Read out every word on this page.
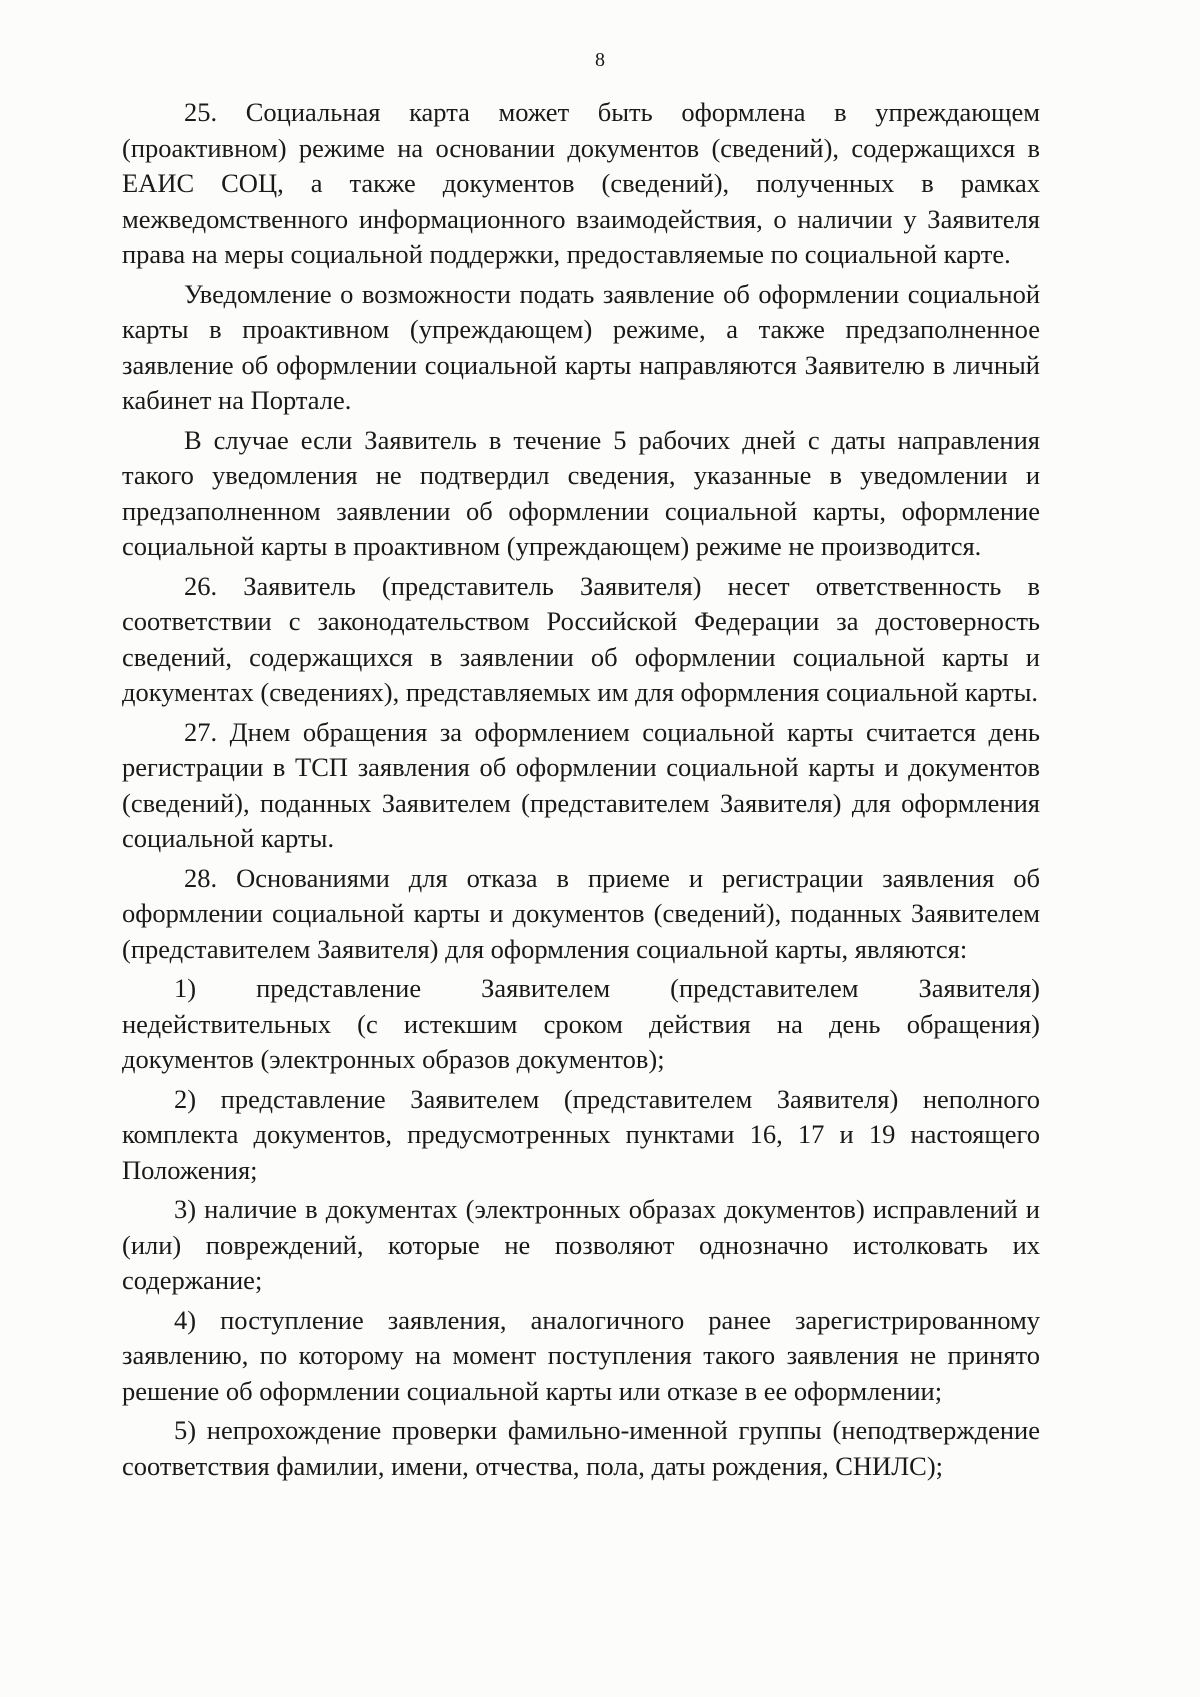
8

25. Социальная карта может быть оформлена в упреждающем (проактивном) режиме на основании документов (сведений), содержащихся в ЕАИС СОЦ, а также документов (сведений), полученных в рамках межведомственного информационного взаимодействия, о наличии у Заявителя права на меры социальной поддержки, предоставляемые по социальной карте.

Уведомление о возможности подать заявление об оформлении социальной карты в проактивном (упреждающем) режиме, а также предзаполненное заявление об оформлении социальной карты направляются Заявителю в личный кабинет на Портале.

В случае если Заявитель в течение 5 рабочих дней с даты направления такого уведомления не подтвердил сведения, указанные в уведомлении и предзаполненном заявлении об оформлении социальной карты, оформление социальной карты в проактивном (упреждающем) режиме не производится.

26. Заявитель (представитель Заявителя) несет ответственность в соответствии с законодательством Российской Федерации за достоверность сведений, содержащихся в заявлении об оформлении социальной карты и документах (сведениях), представляемых им для оформления социальной карты.

27. Днем обращения за оформлением социальной карты считается день регистрации в ТСП заявления об оформлении социальной карты и документов (сведений), поданных Заявителем (представителем Заявителя) для оформления социальной карты.

28. Основаниями для отказа в приеме и регистрации заявления об оформлении социальной карты и документов (сведений), поданных Заявителем (представителем Заявителя) для оформления социальной карты, являются:

1) представление Заявителем (представителем Заявителя) недействительных (с истекшим сроком действия на день обращения) документов (электронных образов документов);

2) представление Заявителем (представителем Заявителя) неполного комплекта документов, предусмотренных пунктами 16, 17 и 19 настоящего Положения;

3) наличие в документах (электронных образах документов) исправлений и (или) повреждений, которые не позволяют однозначно истолковать их содержание;

4) поступление заявления, аналогичного ранее зарегистрированному заявлению, по которому на момент поступления такого заявления не принято решение об оформлении социальной карты или отказе в ее оформлении;

5) непрохождение проверки фамильно-именной группы (неподтверждение соответствия фамилии, имени, отчества, пола, даты рождения, СНИЛС);
